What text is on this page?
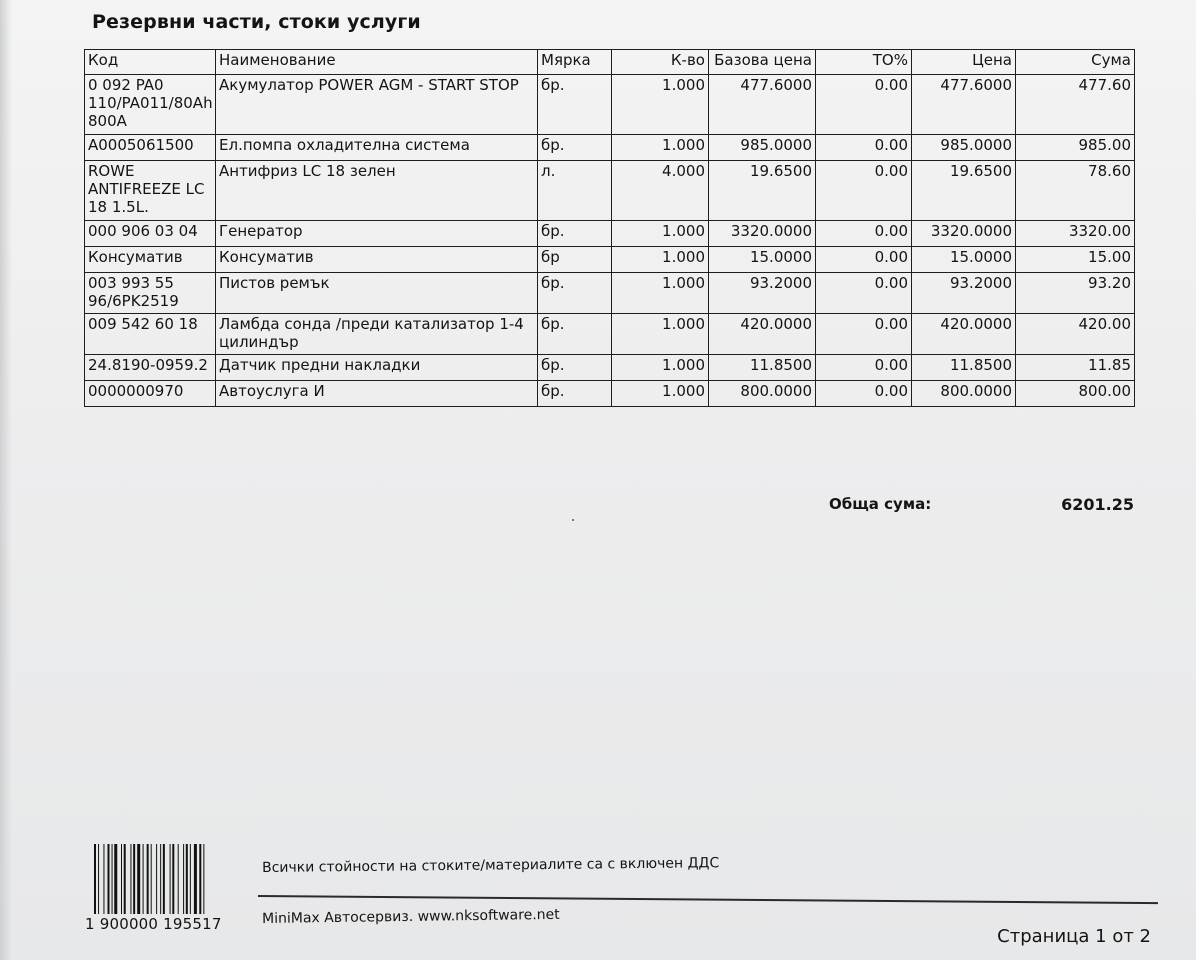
Резервни части, стоки услуги
Код	Наименование	Мярка	К-во	Базова цена	ТО%	Цена	Сума
0 092 PA0 110/PA011/80Ah 800A	Акумулатор POWER AGM - START STOP	бр.	1.000	477.6000	0.00	477.6000	477.60
A0005061500	Ел.помпа охладителна система	бр.	1.000	985.0000	0.00	985.0000	985.00
ROWE ANTIFREEZE LC 18 1.5L.	Антифриз LC 18 зелен	л.	4.000	19.6500	0.00	19.6500	78.60
000 906 03 04	Генератор	бр.	1.000	3320.0000	0.00	3320.0000	3320.00
Консуматив	Консуматив	бр	1.000	15.0000	0.00	15.0000	15.00
003 993 55 96/6PK2519	Пистов ремък	бр.	1.000	93.2000	0.00	93.2000	93.20
009 542 60 18	Ламбда сонда /преди катализатор 1-4 цилиндър	бр.	1.000	420.0000	0.00	420.0000	420.00
24.8190-0959.2	Датчик предни накладки	бр.	1.000	11.8500	0.00	11.8500	11.85
0000000970	Автоуслуга И	бр.	1.000	800.0000	0.00	800.0000	800.00
Обща сума:	6201.25
1 900000 195517
Всички стойности на стоките/материалите са с включен ДДС
MiniMax Автосервиз. www.nksoftware.net
Страница 1 от 2
